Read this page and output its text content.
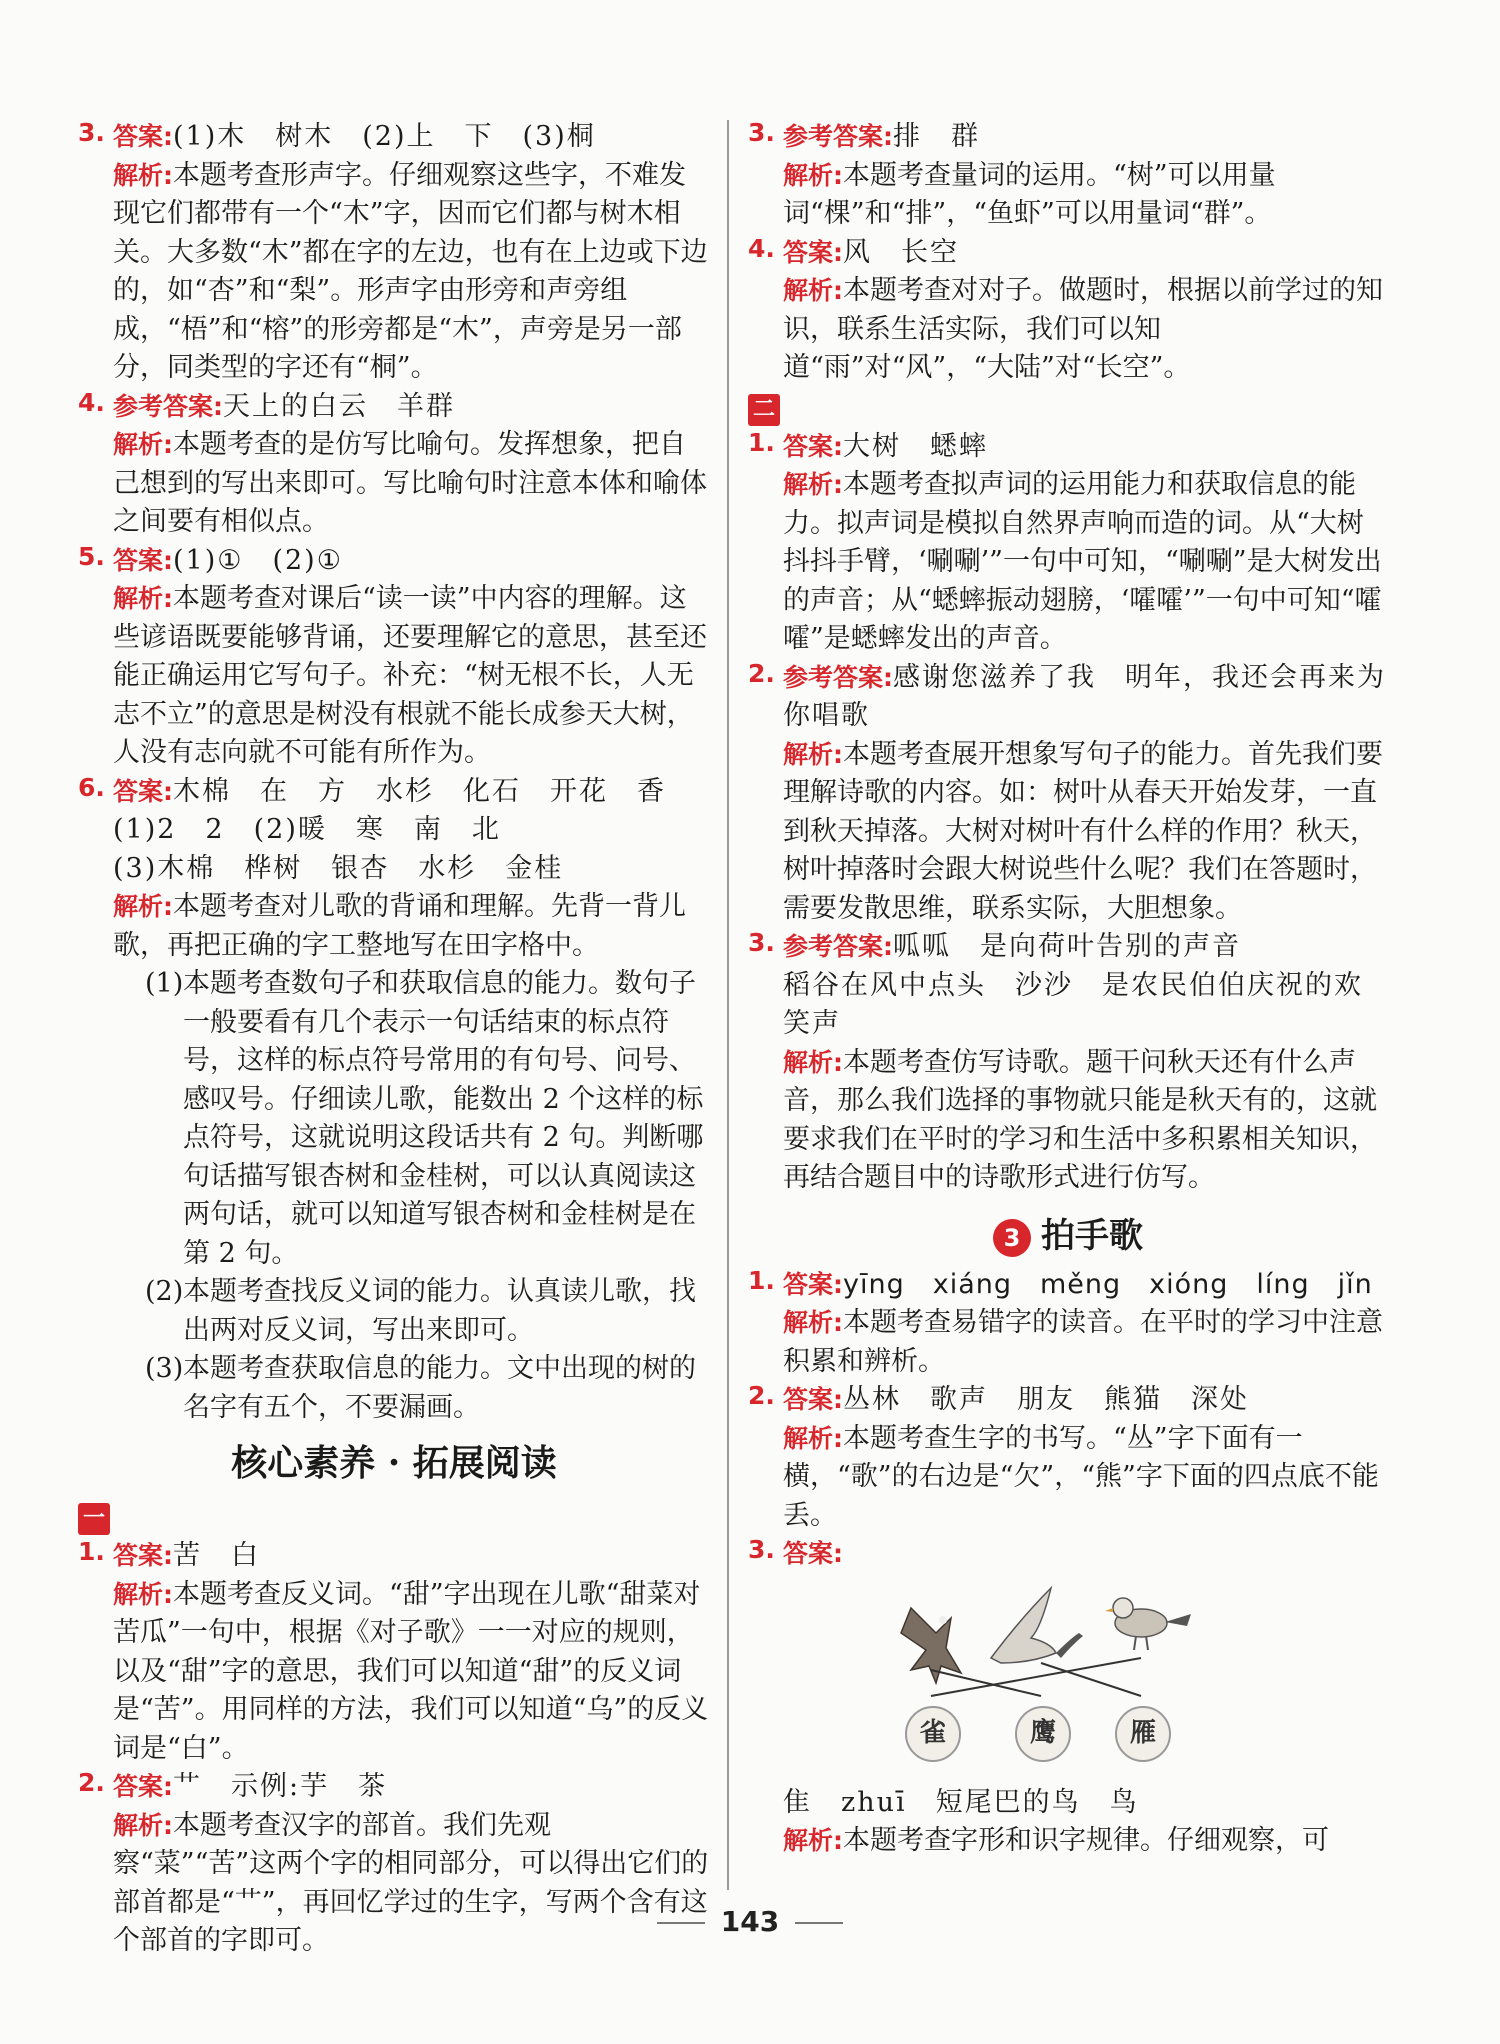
3. 答案:(1)木　树木　(2)上　下　(3)桐

解析:本题考查形声字。仔细观察这些字，不难发现它们都带有一个“木”字，因而它们都与树木相关。大多数“木”都在字的左边，也有在上边或下边的，如“杏”和“梨”。形声字由形旁和声旁组成，“梧”和“榕”的形旁都是“木”，声旁是另一部分，同类型的字还有“桐”。

4. 参考答案:天上的白云　羊群

解析:本题考查的是仿写比喻句。发挥想象，把自己想到的写出来即可。写比喻句时注意本体和喻体之间要有相似点。

5. 答案:(1)①　(2)①

解析:本题考查对课后“读一读”中内容的理解。这些谚语既要能够背诵，还要理解它的意思，甚至还能正确运用它写句子。补充：“树无根不长，人无志不立”的意思是树没有根就不能长成参天大树，人没有志向就不可能有所作为。

6. 答案:木棉　在　方　水杉　化石　开花　香

(1)2　2　(2)暖　寒　南　北

(3)木棉　桦树　银杏　水杉　金桂

解析:本题考查对儿歌的背诵和理解。先背一背儿歌，再把正确的字工整地写在田字格中。

(1)本题考查数句子和获取信息的能力。数句子一般要看有几个表示一句话结束的标点符号，这样的标点符号常用的有句号、问号、感叹号。仔细读儿歌，能数出 2 个这样的标点符号，这就说明这段话共有 2 句。判断哪句话描写银杏树和金桂树，可以认真阅读这两句话，就可以知道写银杏树和金桂树是在第 2 句。

(2)本题考查找反义词的能力。认真读儿歌，找出两对反义词，写出来即可。

(3)本题考查获取信息的能力。文中出现的树的名字有五个，不要漏画。

核心素养 · 拓展阅读
一
1. 答案:苦　白

解析:本题考查反义词。“甜”字出现在儿歌“甜菜对苦瓜”一句中，根据《对子歌》一一对应的规则，以及“甜”字的意思，我们可以知道“甜”的反义词是“苦”。用同样的方法，我们可以知道“乌”的反义词是“白”。

2. 答案:艹　示例:芋　茶

解析:本题考查汉字的部首。我们先观察“菜”“苦”这两个字的相同部分，可以得出它们的部首都是“艹”，再回忆学过的生字，写两个含有这个部首的字即可。

3. 参考答案:排　群

解析:本题考查量词的运用。“树”可以用量词“棵”和“排”，“鱼虾”可以用量词“群”。

4. 答案:风　长空

解析:本题考查对对子。做题时，根据以前学过的知识，联系生活实际，我们可以知道“雨”对“风”，“大陆”对“长空”。

二
1. 答案:大树　蟋蟀

解析:本题考查拟声词的运用能力和获取信息的能力。拟声词是模拟自然界声响而造的词。从“大树抖抖手臂，‘唰唰’”一句中可知，“唰唰”是大树发出的声音；从“蟋蟀振动翅膀，‘嚯嚯’”一句中可知“嚯嚯”是蟋蟀发出的声音。

2. 参考答案:感谢您滋养了我　明年，我还会再来为你唱歌

解析:本题考查展开想象写句子的能力。首先我们要理解诗歌的内容。如：树叶从春天开始发芽，一直到秋天掉落。大树对树叶有什么样的作用？秋天，树叶掉落时会跟大树说些什么呢？我们在答题时，需要发散思维，联系实际，大胆想象。

3. 参考答案:呱呱　是向荷叶告别的声音

稻谷在风中点头　沙沙　是农民伯伯庆祝的欢笑声

解析:本题考查仿写诗歌。题干问秋天还有什么声音，那么我们选择的事物就只能是秋天有的，这就要求我们在平时的学习和生活中多积累相关知识，再结合题目中的诗歌形式进行仿写。

3 拍手歌
1. 答案:yīng　xiáng　měng　xióng　líng　jǐn

解析:本题考查易错字的读音。在平时的学习中注意积累和辨析。

2. 答案:丛林　歌声　朋友　熊猫　深处

解析:本题考查生字的书写。“丛”字下面有一横，“歌”的右边是“欠”，“熊”字下面的四点底不能丢。

3. 答案:

雀	鹰	雁

隹　zhuī　短尾巴的鸟　鸟

解析:本题考查字形和识字规律。仔细观察，可

143
